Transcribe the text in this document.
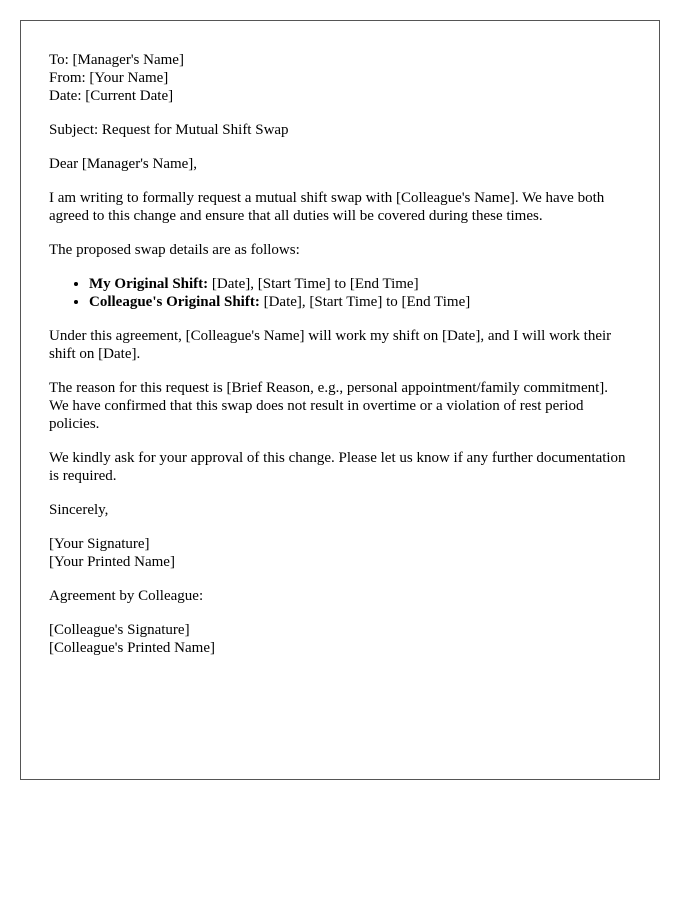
To: [Manager's Name]
From: [Your Name]
Date: [Current Date]

Subject: Request for Mutual Shift Swap

Dear [Manager's Name],

I am writing to formally request a mutual shift swap with [Colleague's Name]. We have both agreed to this change and ensure that all duties will be covered during these times.

The proposed swap details are as follows:

• My Original Shift: [Date], [Start Time] to [End Time]
• Colleague's Original Shift: [Date], [Start Time] to [End Time]

Under this agreement, [Colleague's Name] will work my shift on [Date], and I will work their shift on [Date].

The reason for this request is [Brief Reason, e.g., personal appointment/family commitment]. We have confirmed that this swap does not result in overtime or a violation of rest period policies.

We kindly ask for your approval of this change. Please let us know if any further documentation is required.

Sincerely,

[Your Signature]
[Your Printed Name]

Agreement by Colleague:

[Colleague's Signature]
[Colleague's Printed Name]
